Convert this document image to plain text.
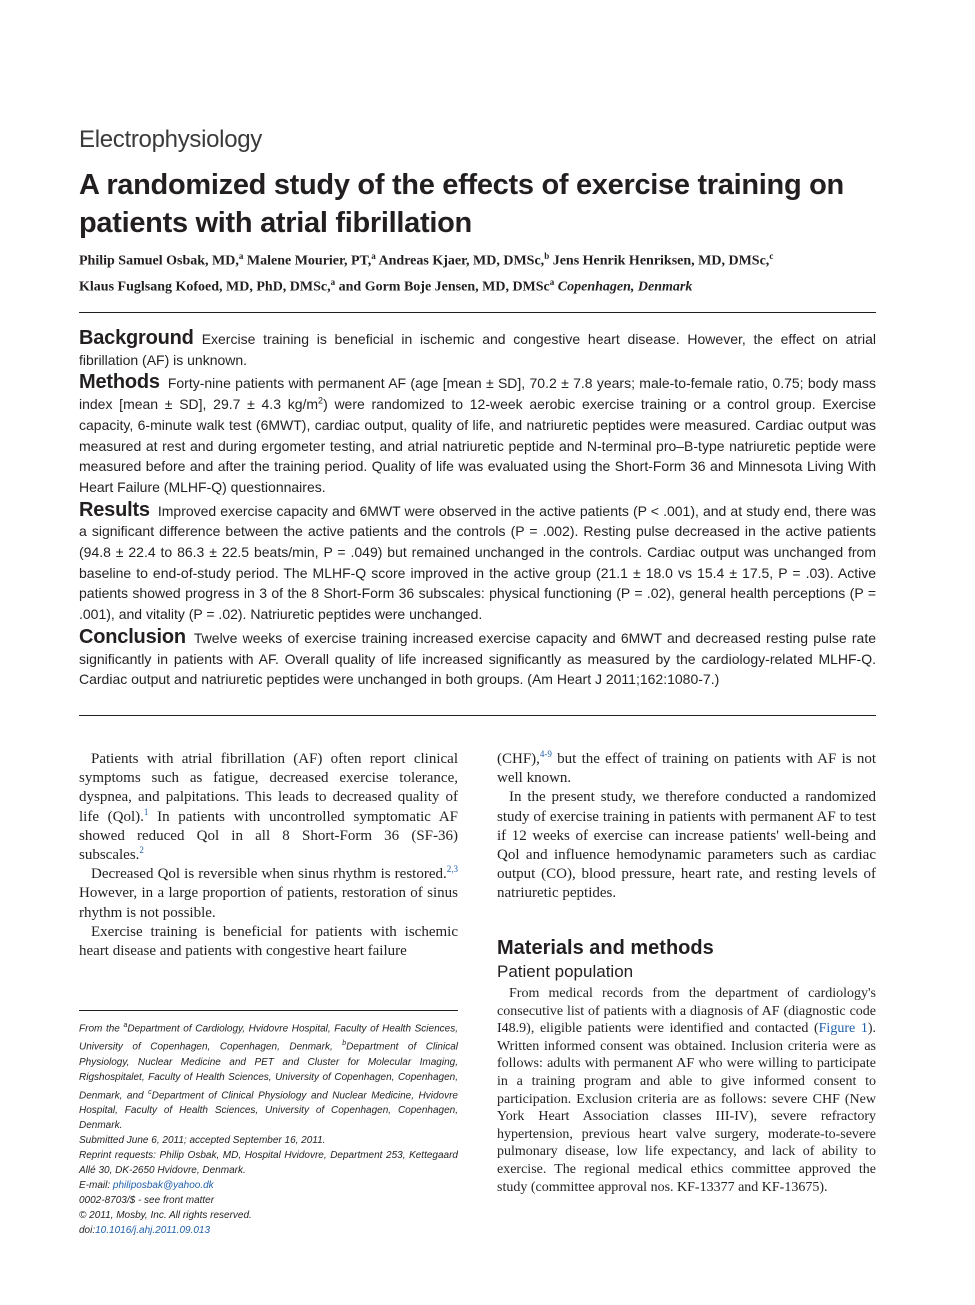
Electrophysiology
A randomized study of the effects of exercise training on patients with atrial fibrillation
Philip Samuel Osbak, MD,$^a$ Malene Mourier, PT,$^a$ Andreas Kjaer, MD, DMSc,$^b$ Jens Henrik Henriksen, MD, DMSc,$^c$
Klaus Fuglsang Kofoed, MD, PhD, DMSc,$^a$ and Gorm Boje Jensen, MD, DMSc$^a$ Copenhagen, Denmark

Background Exercise training is beneficial in ischemic and congestive heart disease. However, the effect on atrial fibrillation (AF) is unknown.

Methods Forty-nine patients with permanent AF (age [mean ± SD], 70.2 ± 7.8 years; male-to-female ratio, 0.75; body mass index [mean ± SD], 29.7 ± 4.3 $kg/m^2$) were randomized to 12-week aerobic exercise training or a control group. Exercise capacity, 6-minute walk test (6MWT), cardiac output, quality of life, and natriuretic peptides were measured. Cardiac output was measured at rest and during ergometer testing, and atrial natriuretic peptide and N-terminal pro–B-type natriuretic peptide were measured before and after the training period. Quality of life was evaluated using the Short-Form 36 and Minnesota Living With Heart Failure (MLHF-Q) questionnaires.

Results Improved exercise capacity and 6MWT were observed in the active patients (P < .001), and at study end, there was a significant difference between the active patients and the controls (P = .002). Resting pulse decreased in the active patients (94.8 ± 22.4 to 86.3 ± 22.5 beats/min, P = .049) but remained unchanged in the controls. Cardiac output was unchanged from baseline to end-of-study period. The MLHF-Q score improved in the active group (21.1 ± 18.0 vs 15.4 ± 17.5, P = .03). Active patients showed progress in 3 of the 8 Short-Form 36 subscales: physical functioning (P = .02), general health perceptions (P = .001), and vitality (P = .02). Natriuretic peptides were unchanged.

Conclusion Twelve weeks of exercise training increased exercise capacity and 6MWT and decreased resting pulse rate significantly in patients with AF. Overall quality of life increased significantly as measured by the cardiology-related MLHF-Q. Cardiac output and natriuretic peptides were unchanged in both groups. (Am Heart J 2011;162:1080-7.)

Patients with atrial fibrillation (AF) often report clinical symptoms such as fatigue, decreased exercise tolerance, dyspnea, and palpitations. This leads to decreased quality of life (Qol).$^1$ In patients with uncontrolled symptomatic AF showed reduced Qol in all 8 Short-Form 36 (SF-36) subscales.$^2$

Decreased Qol is reversible when sinus rhythm is restored.$^{2,3}$ However, in a large proportion of patients, restoration of sinus rhythm is not possible.

Exercise training is beneficial for patients with ischemic heart disease and patients with congestive heart failure

(CHF),$^{4-9}$ but the effect of training on patients with AF is not well known.

In the present study, we therefore conducted a randomized study of exercise training in patients with permanent AF to test if 12 weeks of exercise can increase patients' well-being and Qol and influence hemodynamic parameters such as cardiac output (CO), blood pressure, heart rate, and resting levels of natriuretic peptides.

Materials and methods
Patient population

From medical records from the department of cardiology's consecutive list of patients with a diagnosis of AF (diagnostic code I48.9), eligible patients were identified and contacted (Figure 1). Written informed consent was obtained. Inclusion criteria were as follows: adults with permanent AF who were willing to participate in a training program and able to give informed consent to participation. Exclusion criteria are as follows: severe CHF (New York Heart Association classes III-IV), severe refractory hypertension, previous heart valve surgery, moderate-to-severe pulmonary disease, low life expectancy, and lack of ability to exercise. The regional medical ethics committee approved the study (committee approval nos. KF-13377 and KF-13675).

From the $^a$Department of Cardiology, Hvidovre Hospital, Faculty of Health Sciences, University of Copenhagen, Copenhagen, Denmark, $^b$Department of Clinical Physiology, Nuclear Medicine and PET and Cluster for Molecular Imaging, Rigshospitalet, Faculty of Health Sciences, University of Copenhagen, Copenhagen, Denmark, and $^c$Department of Clinical Physiology and Nuclear Medicine, Hvidovre Hospital, Faculty of Health Sciences, University of Copenhagen, Copenhagen, Denmark.
Submitted June 6, 2011; accepted September 16, 2011.
Reprint requests: Philip Osbak, MD, Hospital Hvidovre, Department 253, Kettegaard Allé 30, DK-2650 Hvidovre, Denmark.
E-mail: philiposbak@yahoo.dk
0002-8703/$ - see front matter
© 2011, Mosby, Inc. All rights reserved.
doi:10.1016/j.ahj.2011.09.013
